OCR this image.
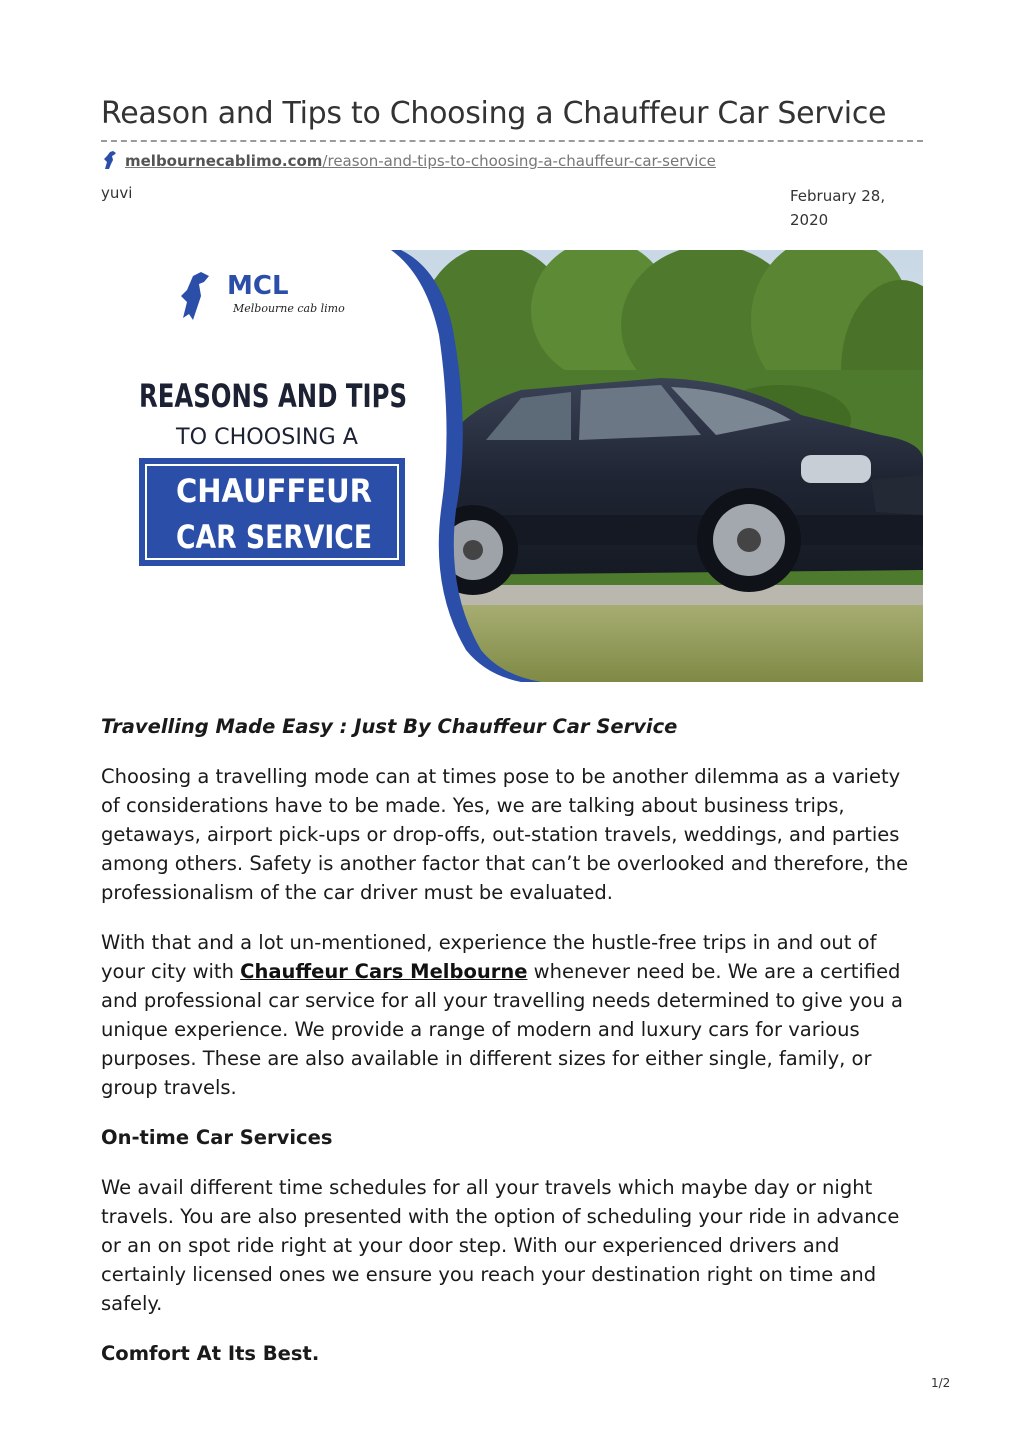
Reason and Tips to Choosing a Chauffeur Car Service
melbournecablimo.com/reason-and-tips-to-choosing-a-chauffeur-car-service
yuvi	February 28, 2020
MCL
Melbourne cab limo
REASONS AND TIPS
TO CHOOSING A
CHAUFFEUR
CAR SERVICE
Travelling Made Easy : Just By Chauffeur Car Service

Choosing a travelling mode can at times pose to be another dilemma as a variety of considerations have to be made. Yes, we are talking about business trips, getaways, airport pick-ups or drop-offs, out-station travels, weddings, and parties among others. Safety is another factor that can’t be overlooked and therefore, the professionalism of the car driver must be evaluated.

With that and a lot un-mentioned, experience the hustle-free trips in and out of your city with Chauffeur Cars Melbourne whenever need be. We are a certified and professional car service for all your travelling needs determined to give you a unique experience. We provide a range of modern and luxury cars for various purposes. These are also available in different sizes for either single, family, or group travels.

On-time Car Services

We avail different time schedules for all your travels which maybe day or night travels. You are also presented with the option of scheduling your ride in advance or an on spot ride right at your door step. With our experienced drivers and certainly licensed ones we ensure you reach your destination right on time and safely.

Comfort At Its Best.
1/2
